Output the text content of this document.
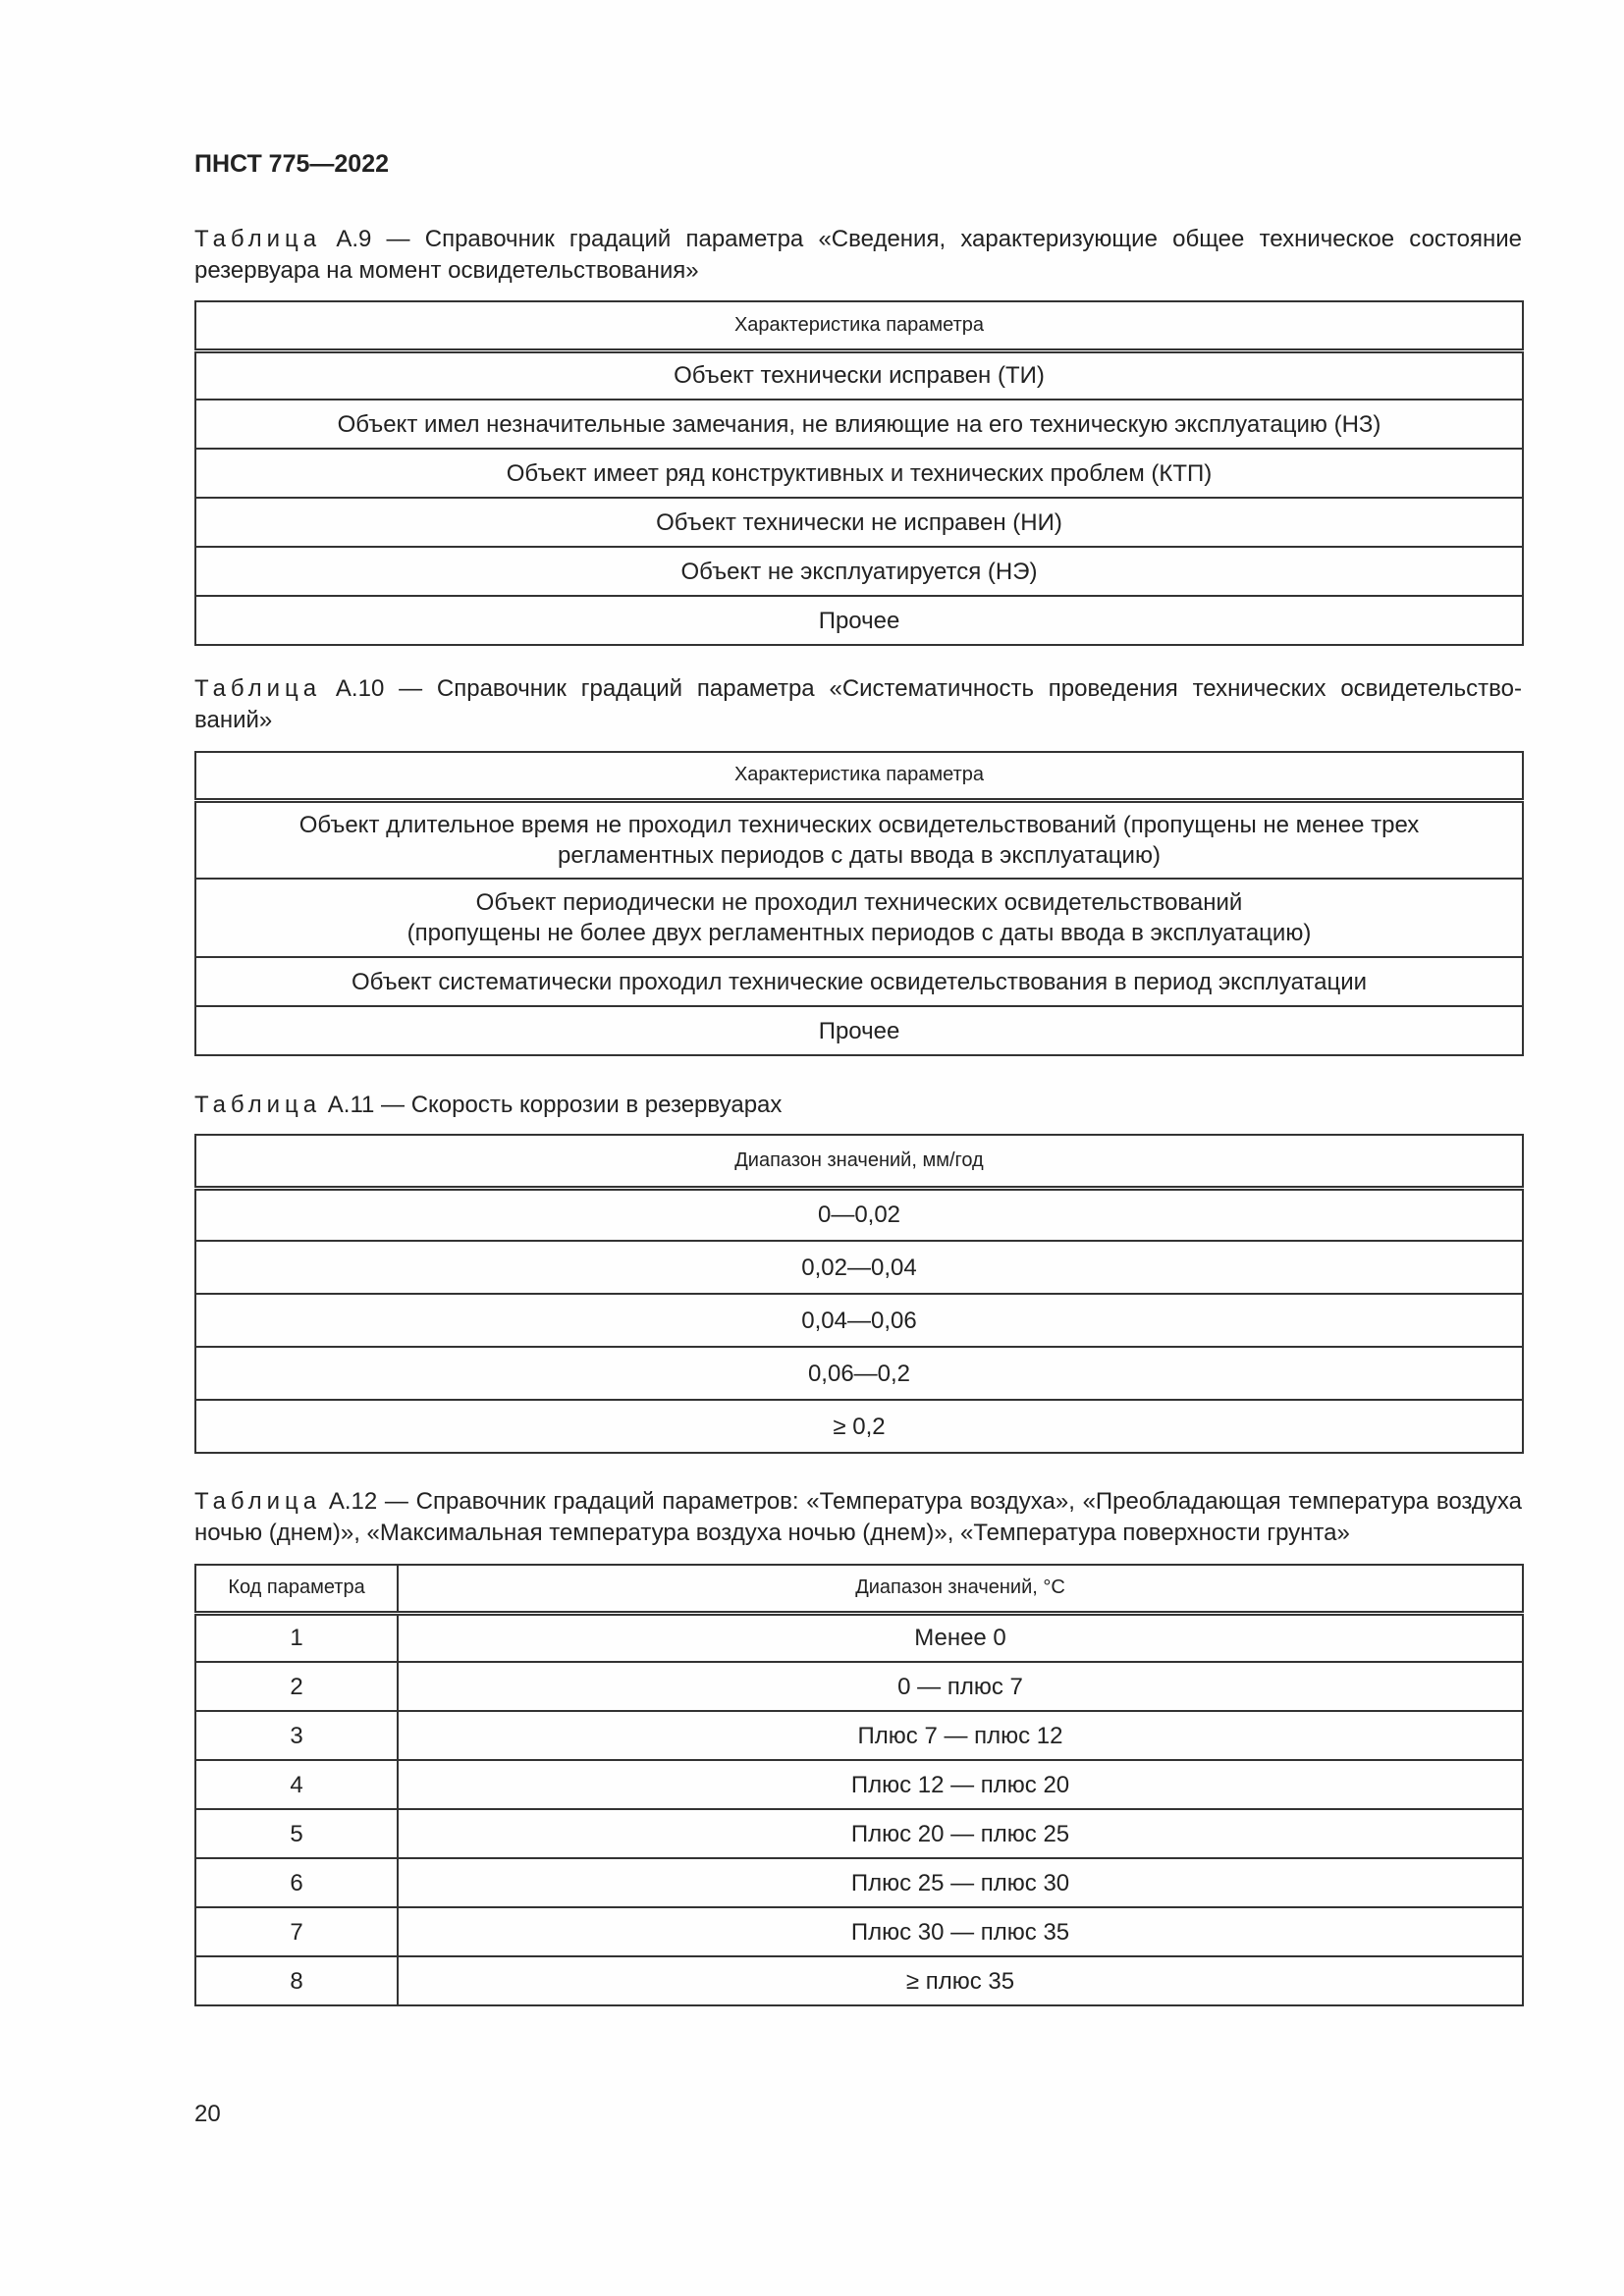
ПНСТ 775—2022
Таблица А.9 — Справочник градаций параметра «Сведения, характеризующие общее техническое состояние резервуара на момент освидетельствования»
Характеристика параметра
Объект технически исправен (ТИ)
Объект имел незначительные замечания, не влияющие на его техническую эксплуатацию (НЗ)
Объект имеет ряд конструктивных и технических проблем (КТП)
Объект технически не исправен (НИ)
Объект не эксплуатируется (НЭ)
Прочее
Таблица А.10 — Справочник градаций параметра «Систематичность проведения технических освидетельство-ваний»
Характеристика параметра
Объект длительное время не проходил технических освидетельствований (пропущены не менее трех
регламентных периодов с даты ввода в эксплуатацию)
Объект периодически не проходил технических освидетельствований
(пропущены не более двух регламентных периодов с даты ввода в эксплуатацию)
Объект систематически проходил технические освидетельствования в период эксплуатации
Прочее
Таблица А.11 — Скорость коррозии в резервуарах
Диапазон значений, мм/год
0—0,02
0,02—0,04
0,04—0,06
0,06—0,2
≥ 0,2
Таблица А.12 — Справочник градаций параметров: «Температура воздуха», «Преобладающая температура воздуха ночью (днем)», «Максимальная температура воздуха ночью (днем)», «Температура поверхности грунта»
Код параметра	Диапазон значений, °С
1	Менее 0
2	0 — плюс 7
3	Плюс 7 — плюс 12
4	Плюс 12 — плюс 20
5	Плюс 20 — плюс 25
6	Плюс 25 — плюс 30
7	Плюс 30 — плюс 35
8	≥ плюс 35
20
